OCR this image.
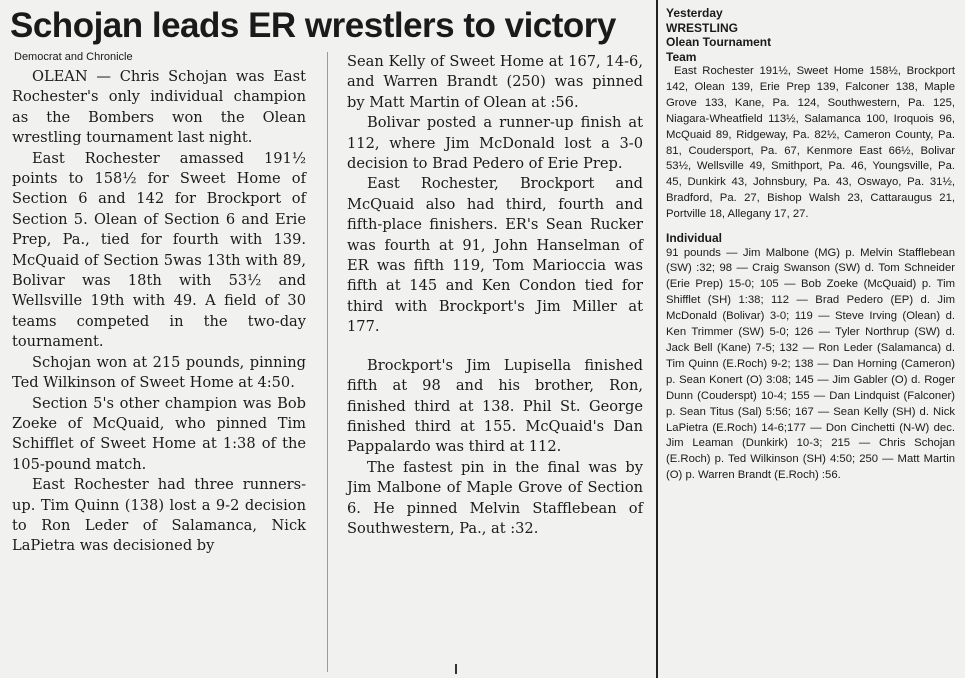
Schojan leads ER wrestlers to victory
Democrat and Chronicle

OLEAN — Chris Schojan was East Rochester's only individual champion as the Bombers won the Olean wrestling tournament last night.

East Rochester amassed 191½ points to 158½ for Sweet Home of Section 6 and 142 for Brockport of Section 5. Olean of Section 6 and Erie Prep, Pa., tied for fourth with 139. McQuaid of Section 5was 13th with 89, Bolivar was 18th with 53½ and Wellsville 19th with 49. A field of 30 teams competed in the two-day tournament.

Schojan won at 215 pounds, pinning Ted Wilkinson of Sweet Home at 4:50.

Section 5's other champion was Bob Zoeke of McQuaid, who pinned Tim Schifflet of Sweet Home at 1:38 of the 105-pound match.

East Rochester had three runners-up. Tim Quinn (138) lost a 9-2 decision to Ron Leder of Salamanca, Nick LaPietra was decisioned by

Sean Kelly of Sweet Home at 167, 14-6, and Warren Brandt (250) was pinned by Matt Martin of Olean at :56.

Bolivar posted a runner-up finish at 112, where Jim McDonald lost a 3-0 decision to Brad Pedero of Erie Prep.

East Rochester, Brockport and McQuaid also had third, fourth and fifth-place finishers. ER's Sean Rucker was fourth at 91, John Hanselman of ER was fifth 119, Tom Marioccia was fifth at 145 and Ken Condon tied for third with Brockport's Jim Miller at 177.

Brockport's Jim Lupisella finished fifth at 98 and his brother, Ron, finished third at 138. Phil St. George finished third at 155. McQuaid's Dan Pappalardo was third at 112.

The fastest pin in the final was by Jim Malbone of Maple Grove of Section 6. He pinned Melvin Stafflebean of Southwestern, Pa., at :32.

Yesterday
WRESTLING
Olean Tournament
Team

East Rochester 191½, Sweet Home 158½, Brockport 142, Olean 139, Erie Prep 139, Falconer 138, Maple Grove 133, Kane, Pa. 124, Southwestern, Pa. 125, Niagara-Wheatfield 113½, Salamanca 100, Iroquois 96, McQuaid 89, Ridgeway, Pa. 82½, Cameron County, Pa. 81, Coudersport, Pa. 67, Kenmore East 66½, Bolivar 53½, Wellsville 49, Smithport, Pa. 46, Youngsville, Pa. 45, Dunkirk 43, Johnsbury, Pa. 43, Oswayo, Pa. 31½, Bradford, Pa. 27, Bishop Walsh 23, Cattaraugus 21, Portville 18, Allegany 17, 27.

Individual

91 pounds — Jim Malbone (MG) p. Melvin Stafflebean (SW) :32; 98 — Craig Swanson (SW) d. Tom Schneider (Erie Prep) 15-0; 105 — Bob Zoeke (McQuaid) p. Tim Shifflet (SH) 1:38; 112 — Brad Pedero (EP) d. Jim McDonald (Bolivar) 3-0; 119 — Steve Irving (Olean) d. Ken Trimmer (SW) 5-0; 126 — Tyler Northrup (SW) d. Jack Bell (Kane) 7-5; 132 — Ron Leder (Salamanca) d. Tim Quinn (E.Roch) 9-2; 138 — Dan Horning (Cameron) p. Sean Konert (O) 3:08; 145 — Jim Gabler (O) d. Roger Dunn (Couderspt) 10-4; 155 — Dan Lindquist (Falconer) p. Sean Titus (Sal) 5:56; 167 — Sean Kelly (SH) d. Nick LaPietra (E.Roch) 14-6;177 — Don Cinchetti (N-W) dec. Jim Leaman (Dunkirk) 10-3; 215 — Chris Schojan (E.Roch) p. Ted Wilkinson (SH) 4:50; 250 — Matt Martin (O) p. Warren Brandt (E.Roch) :56.
